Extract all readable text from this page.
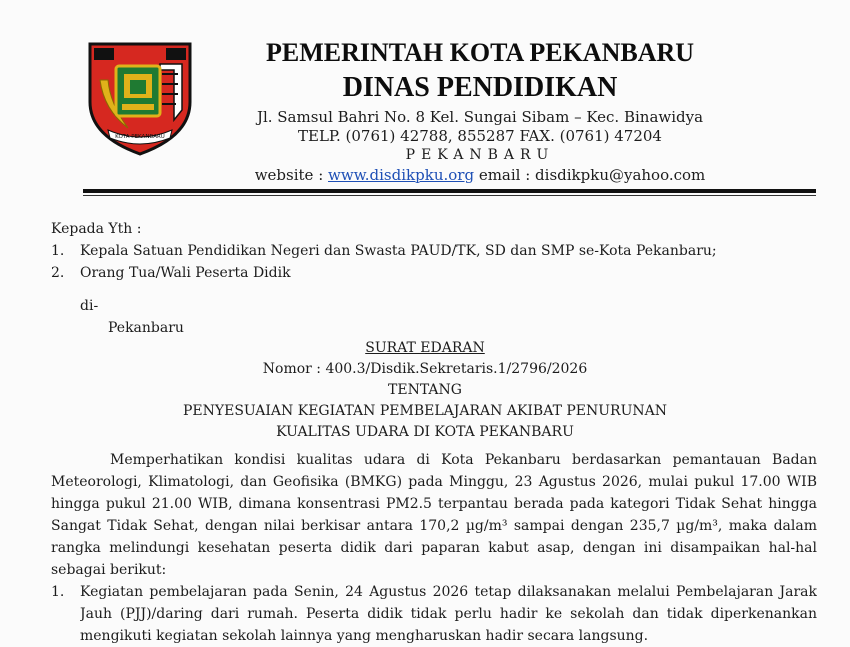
KOTA PEKANBARU
PEMERINTAH KOTA PEKANBARU
DINAS PENDIDIKAN
Jl. Samsul Bahri No. 8 Kel. Sungai Sibam – Kec. Binawidya
TELP. (0761) 42788, 855287 FAX. (0761) 47204
PEKANBARU
website : www.disdikpku.org email : disdikpku@yahoo.com
Kepada Yth :
1. Kepala Satuan Pendidikan Negeri dan Swasta PAUD/TK, SD dan SMP se-Kota Pekanbaru;
2. Orang Tua/Wali Peserta Didik
di-
Pekanbaru
SURAT EDARAN
Nomor : 400.3/Disdik.Sekretaris.1/2796/2026
TENTANG
PENYESUAIAN KEGIATAN PEMBELAJARAN AKIBAT PENURUNAN
KUALITAS UDARA DI KOTA PEKANBARU
Memperhatikan kondisi kualitas udara di Kota Pekanbaru berdasarkan pemantauan Badan
Meteorologi, Klimatologi, dan Geofisika (BMKG) pada Minggu, 23 Agustus 2026, mulai pukul 17.00 WIB
hingga pukul 21.00 WIB, dimana konsentrasi PM2.5 terpantau berada pada kategori Tidak Sehat hingga
Sangat Tidak Sehat, dengan nilai berkisar antara 170,2 µg/m³ sampai dengan 235,7 µg/m³, maka dalam
rangka melindungi kesehatan peserta didik dari paparan kabut asap, dengan ini disampaikan hal-hal
sebagai berikut:
1. Kegiatan pembelajaran pada Senin, 24 Agustus 2026 tetap dilaksanakan melalui Pembelajaran Jarak
Jauh (PJJ)/daring dari rumah. Peserta didik tidak perlu hadir ke sekolah dan tidak diperkenankan
mengikuti kegiatan sekolah lainnya yang mengharuskan hadir secara langsung.
